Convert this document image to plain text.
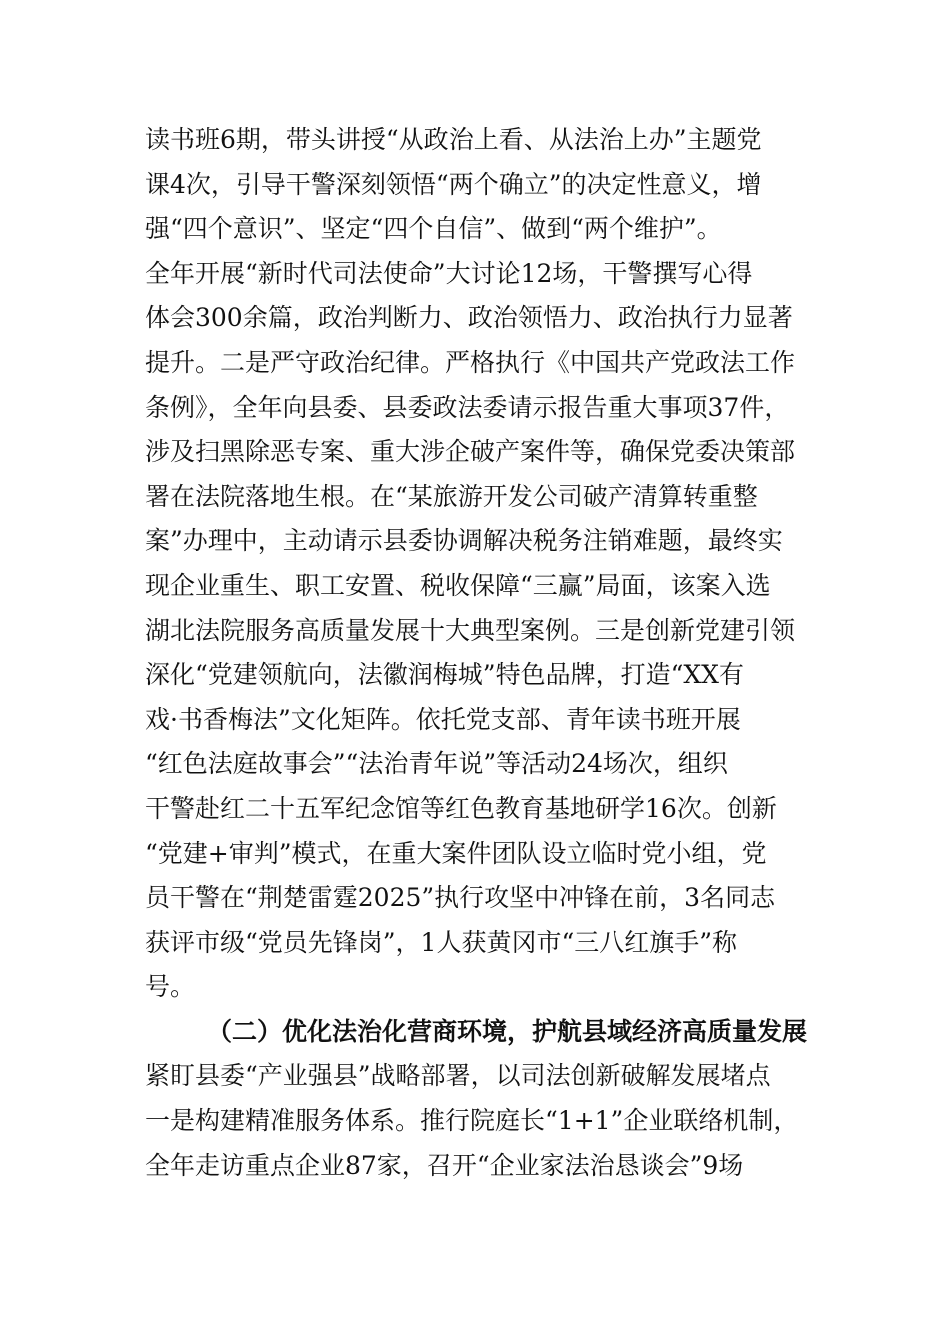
读书班6期，带头讲授“从政治上看、从法治上办”主题党
课4次，引导干警深刻领悟“两个确立”的决定性意义，增
强“四个意识”、坚定“四个自信”、做到“两个维护”。
全年开展“新时代司法使命”大讨论12场，干警撰写心得
体会300余篇，政治判断力、政治领悟力、政治执行力显著
提升。二是严守政治纪律。严格执行《中国共产党政法工作
条例》，全年向县委、县委政法委请示报告重大事项37件，
涉及扫黑除恶专案、重大涉企破产案件等，确保党委决策部
署在法院落地生根。在“某旅游开发公司破产清算转重整
案”办理中，主动请示县委协调解决税务注销难题，最终实
现企业重生、职工安置、税收保障“三赢”局面，该案入选
湖北法院服务高质量发展十大典型案例。三是创新党建引领
深化“党建领航向，法徽润梅城”特色品牌，打造“XX有
戏·书香梅法”文化矩阵。依托党支部、青年读书班开展
“红色法庭故事会”“法治青年说”等活动24场次，组织
干警赴红二十五军纪念馆等红色教育基地研学16次。创新
“党建+审判”模式，在重大案件团队设立临时党小组，党
员干警在“荆楚雷霆2025”执行攻坚中冲锋在前，3名同志
获评市级“党员先锋岗”，1人获黄冈市“三八红旗手”称
号。
（二）优化法治化营商环境，护航县域经济高质量发展
紧盯县委“产业强县”战略部署，以司法创新破解发展堵点
一是构建精准服务体系。推行院庭长“1+1”企业联络机制，
全年走访重点企业87家，召开“企业家法治恳谈会”9场
